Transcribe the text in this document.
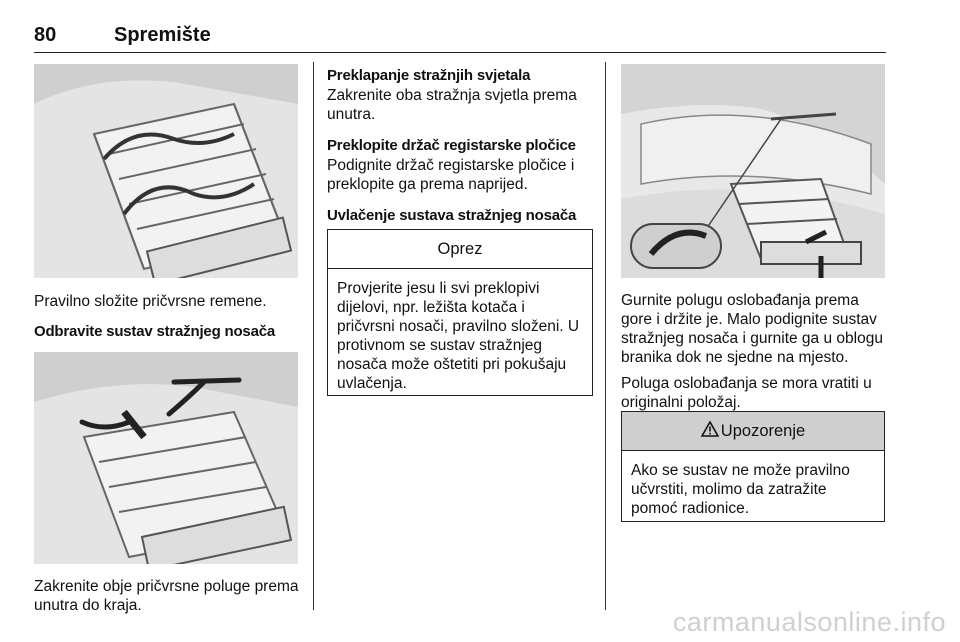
80	Spremište
Pravilno složite pričvrsne remene.
Odbravite sustav stražnjeg nosača
Zakrenite obje pričvrsne poluge prema unutra do kraja.
Preklapanje stražnjih svjetala
Zakrenite oba stražnja svjetla prema unutra.
Preklopite držač registarske pločice
Podignite držač registarske pločice i preklopite ga prema naprijed.
Uvlačenje sustava stražnjeg nosača
Oprez
Provjerite jesu li svi preklopivi dijelovi, npr. ležišta kotača i pričvrsni nosači, pravilno složeni. U protivnom se sustav stražnjeg nosača može oštetiti pri pokušaju uvlačenja.
Gurnite polugu oslobađanja prema gore i držite je. Malo podignite sustav stražnjeg nosača i gurnite ga u oblogu branika dok ne sjedne na mjesto.
Poluga oslobađanja se mora vratiti u originalni položaj.
Upozorenje
Ako se sustav ne može pravilno učvrstiti, molimo da zatražite pomoć radionice.
carmanualsonline.info
